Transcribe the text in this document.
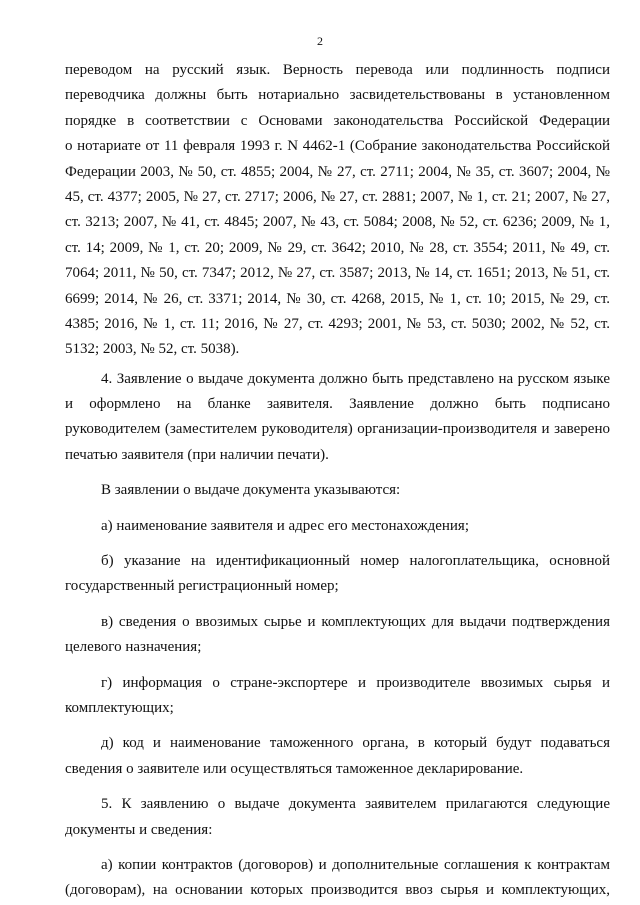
2
переводом на русский язык. Верность перевода или подлинность подписи
переводчика должны быть нотариально засвидетельствованы в установленном
порядке в соответствии с Основами законодательства Российской Федерации
о нотариате от 11 февраля 1993 г. N 4462-1 (Собрание законодательства Российской
Федерации 2003, № 50, ст. 4855; 2004, № 27, ст. 2711; 2004, № 35, ст. 3607; 2004, №
45, ст. 4377; 2005, № 27, ст. 2717; 2006, № 27, ст. 2881; 2007, № 1, ст. 21; 2007, № 27,
ст. 3213; 2007, № 41, ст. 4845; 2007, № 43, ст. 5084; 2008, № 52, ст. 6236; 2009, № 1,
ст. 14; 2009, № 1, ст. 20; 2009, № 29, ст. 3642; 2010, № 28, ст. 3554; 2011, № 49, ст.
7064; 2011, № 50, ст. 7347; 2012, № 27, ст. 3587; 2013, № 14, ст. 1651; 2013, № 51, ст.
6699; 2014, № 26, ст. 3371; 2014, № 30, ст. 4268, 2015, № 1, ст. 10; 2015, № 29, ст.
4385; 2016, № 1, ст. 11; 2016, № 27, ст. 4293; 2001, № 53, ст. 5030; 2002, № 52, ст.
5132; 2003, № 52, ст. 5038).
4. Заявление о выдаче документа должно быть представлено на русском языке
и оформлено на бланке заявителя. Заявление должно быть подписано
руководителем (заместителем руководителя) организации-производителя и заверено
печатью заявителя (при наличии печати).
В заявлении о выдаче документа указываются:
а) наименование заявителя и адрес его местонахождения;
б) указание на идентификационный номер налогоплательщика, основной
государственный регистрационный номер;
в) сведения о ввозимых сырье и комплектующих для выдачи подтверждения
целевого назначения;
г) информация о стране-экспортере и производителе ввозимых сырья и
комплектующих;
д) код и наименование таможенного органа, в который будут подаваться
сведения о заявителе или осуществляться таможенное декларирование.
5. К заявлению о выдаче документа заявителем прилагаются следующие
документы и сведения:
а) копии контрактов (договоров) и дополнительные соглашения к контрактам
(договорам), на основании которых производится ввоз сырья и комплектующих,
